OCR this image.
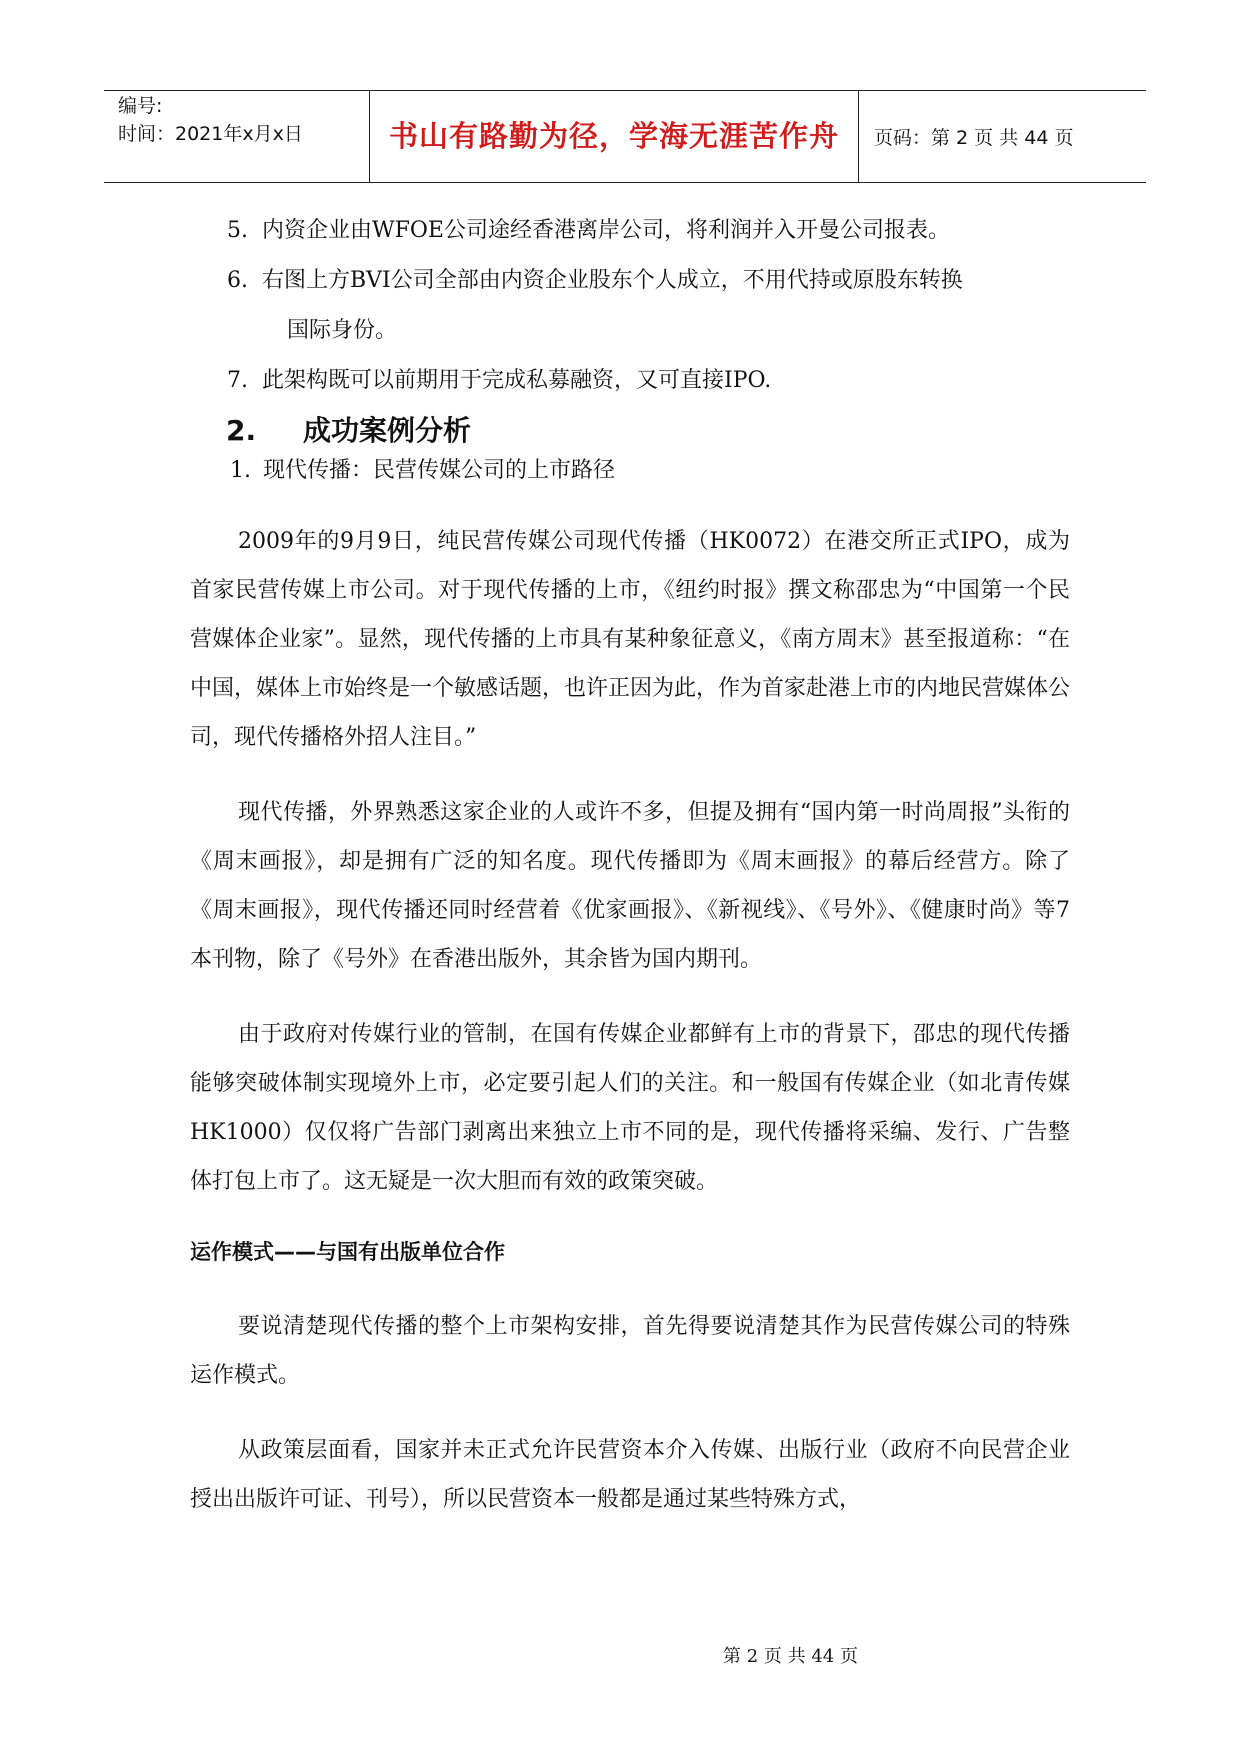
编号:
时间：2021年x月x日	书山有路勤为径，学海无涯苦作舟	页码：第 2 页 共 44 页
5. 内资企业由WFOE公司途经香港离岸公司，将利润并入开曼公司报表。
6. 右图上方BVI公司全部由内资企业股东个人成立，不用代持或原股东转换
国际身份。
7. 此架构既可以前期用于完成私募融资，又可直接IPO.
2. 成功案例分析
1. 现代传播：民营传媒公司的上市路径

2009年的9月9日，纯民营传媒公司现代传播（HK0072）在港交所正式IPO，成为首家民营传媒上市公司。对于现代传播的上市，《纽约时报》撰文称邵忠为“中国第一个民营媒体企业家”。显然，现代传播的上市具有某种象征意义，《南方周末》甚至报道称：“在中国，媒体上市始终是一个敏感话题，也许正因为此，作为首家赴港上市的内地民营媒体公司，现代传播格外招人注目。”

现代传播，外界熟悉这家企业的人或许不多，但提及拥有“国内第一时尚周报”头衔的《周末画报》，却是拥有广泛的知名度。现代传播即为《周末画报》的幕后经营方。除了《周末画报》，现代传播还同时经营着《优家画报》、《新视线》、《号外》、《健康时尚》等7本刊物，除了《号外》在香港出版外，其余皆为国内期刊。

由于政府对传媒行业的管制，在国有传媒企业都鲜有上市的背景下，邵忠的现代传播能够突破体制实现境外上市，必定要引起人们的关注。和一般国有传媒企业（如北青传媒HK1000）仅仅将广告部门剥离出来独立上市不同的是，现代传播将采编、发行、广告整体打包上市了。这无疑是一次大胆而有效的政策突破。

运作模式——与国有出版单位合作

要说清楚现代传播的整个上市架构安排，首先得要说清楚其作为民营传媒公司的特殊运作模式。

从政策层面看，国家并未正式允许民营资本介入传媒、出版行业（政府不向民营企业授出出版许可证、刊号），所以民营资本一般都是通过某些特殊方式，

第 2 页 共 44 页
